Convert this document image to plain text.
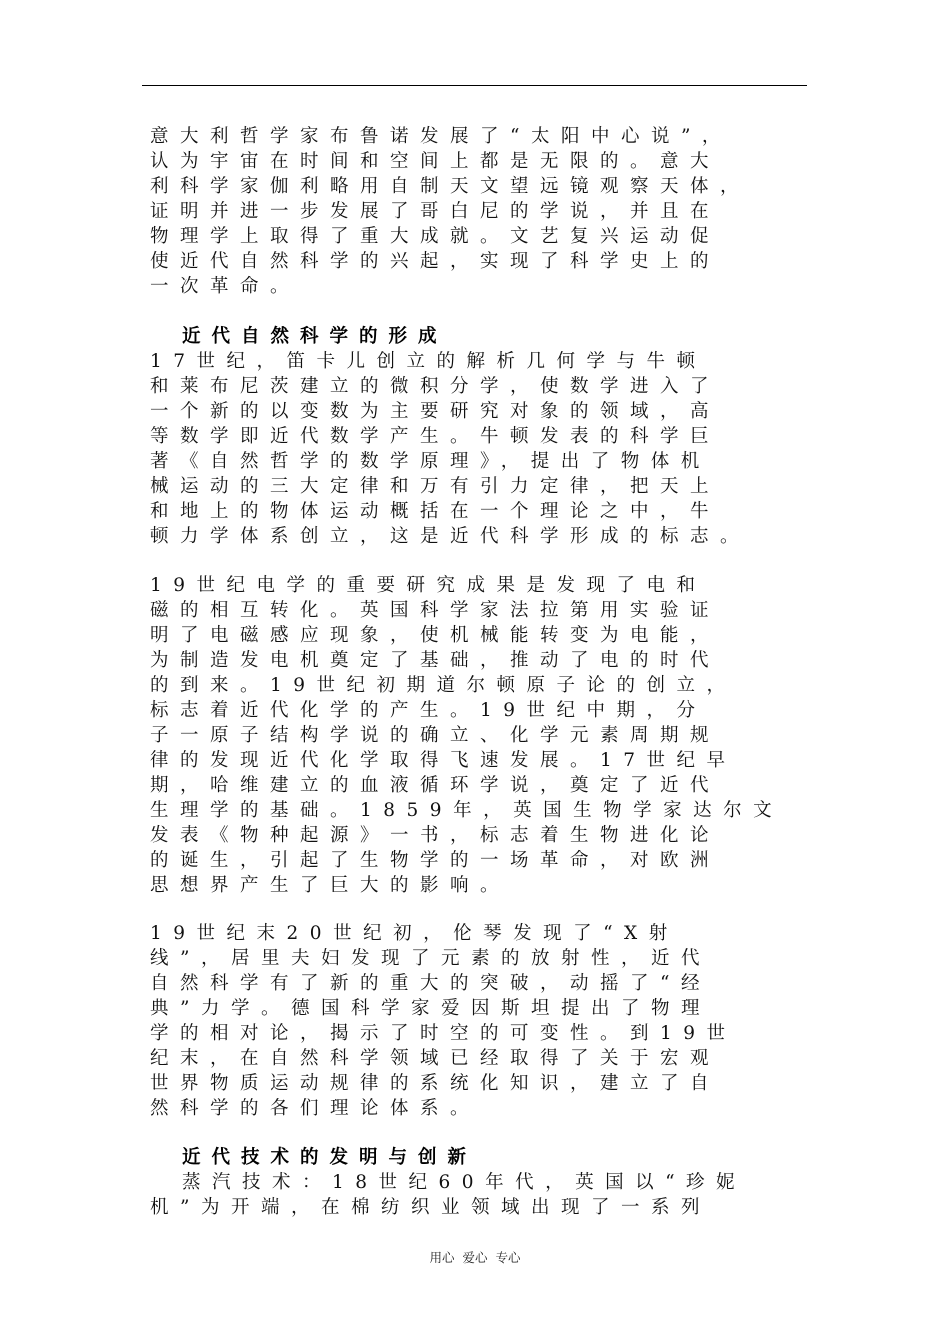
意大利哲学家布鲁诺发展了“太阳中心说”，
认为宇宙在时间和空间上都是无限的。意大
利科学家伽利略用自制天文望远镜观察天体，
证明并进一步发展了哥白尼的学说，并且在
物理学上取得了重大成就。文艺复兴运动促
使近代自然科学的兴起，实现了科学史上的
一次革命。
近代自然科学的形成
17世纪，笛卡儿创立的解析几何学与牛顿
和莱布尼茨建立的微积分学，使数学进入了
一个新的以变数为主要研究对象的领域，高
等数学即近代数学产生。牛顿发表的科学巨
著《自然哲学的数学原理》，提出了物体机
械运动的三大定律和万有引力定律，把天上
和地上的物体运动概括在一个理论之中，牛
顿力学体系创立，这是近代科学形成的标志。
19世纪电学的重要研究成果是发现了电和
磁的相互转化。英国科学家法拉第用实验证
明了电磁感应现象，使机械能转变为电能，
为制造发电机奠定了基础，推动了电的时代
的到来。19世纪初期道尔顿原子论的创立，
标志着近代化学的产生。19世纪中期，分
子一原子结构学说的确立、化学元素周期规
律的发现近代化学取得飞速发展。17世纪早
期，哈维建立的血液循环学说，奠定了近代
生理学的基础。1859年，英国生物学家达尔文
发表《物种起源》一书，标志着生物进化论
的诞生，引起了生物学的一场革命，对欧洲
思想界产生了巨大的影响。
19世纪末20世纪初，伦琴发现了“X射
线”，居里夫妇发现了元素的放射性，近代
自然科学有了新的重大的突破，动摇了“经
典”力学。德国科学家爱因斯坦提出了物理
学的相对论，揭示了时空的可变性。到19世
纪末，在自然科学领域已经取得了关于宏观
世界物质运动规律的系统化知识，建立了自
然科学的各们理论体系。
近代技术的发明与创新
蒸汽技术：18世纪60年代，英国以“珍妮
机”为开端，在棉纺织业领域出现了一系列
用心 爱心 专心
